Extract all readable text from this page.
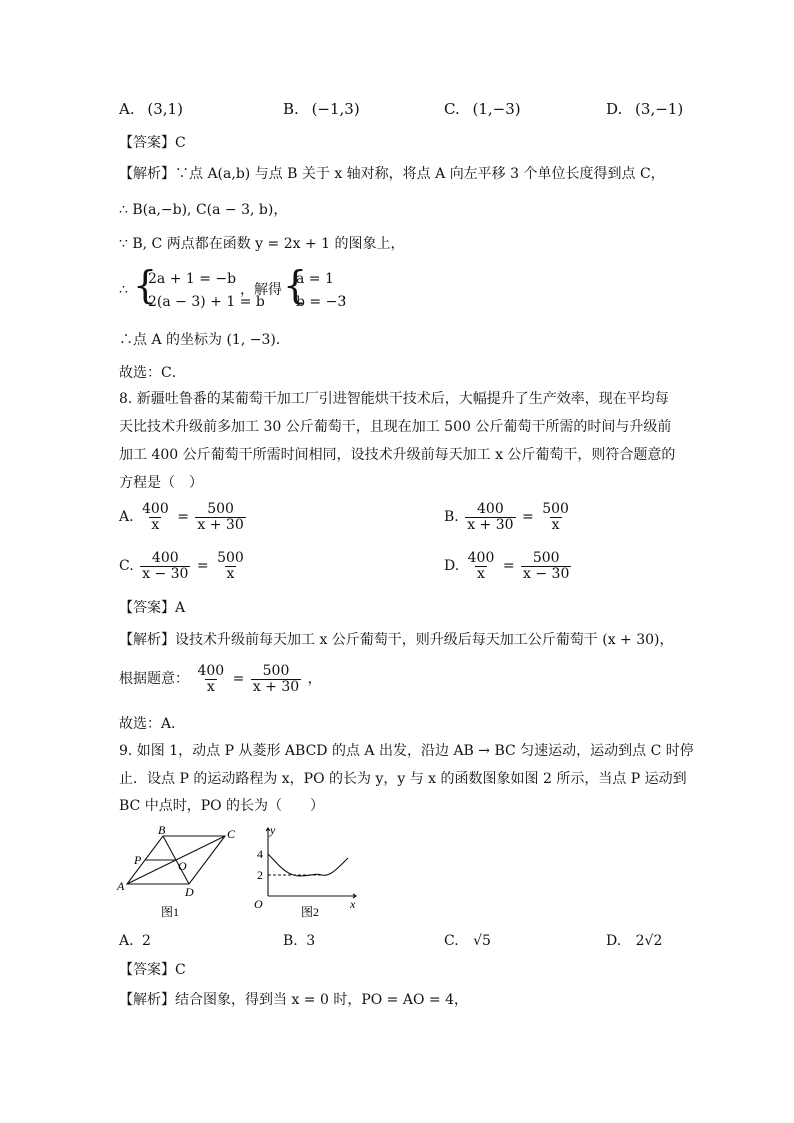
A. (3,1)	B. (−1,3)	C. (1,−3)	D. (3,−1)
【答案】C
【解析】∵点 A(a,b) 与点 B 关于 x 轴对称，将点 A 向左平移 3 个单位长度得到点 C，
∴ B(a,−b), C(a − 3, b)，
∵ B, C 两点都在函数 y = 2x + 1 的图象上，
∴ {
2a + 1 = −b
2(a − 3) + 1 = b
，解得 {
a = 1
b = −3
，
∴点 A 的坐标为 (1, −3)．
故选：C．
8. 新疆吐鲁番的某葡萄干加工厂引进智能烘干技术后，大幅提升了生产效率，现在平均每
天比技术升级前多加工 30 公斤葡萄干，且现在加工 500 公斤葡萄干所需的时间与升级前
加工 400 公斤葡萄干所需时间相同，设技术升级前每天加工 x 公斤葡萄干，则符合题意的
方程是（　）
A. $\frac{400}{x} = \frac{500}{x + 30}$	B. $\frac{400}{x + 30} = \frac{500}{x}$
C. $\frac{400}{x - 30} = \frac{500}{x}$	D. $\frac{400}{x} = \frac{500}{x - 30}$
【答案】A
【解析】设技术升级前每天加工 x 公斤葡萄干，则升级后每天加工公斤葡萄干 (x + 30)，
根据题意： $\frac{400}{x} = \frac{500}{x + 30}$ ，
故选：A．
9. 如图 1，动点 P 从菱形 ABCD 的点 A 出发，沿边 AB → BC 匀速运动，运动到点 C 时停
止．设点 P 的运动路程为 x，PO 的长为 y，y 与 x 的函数图象如图 2 所示，当点 P 运动到
BC 中点时，PO 的长为（　　）
A
B	C
D
P	O
图1
y
x
O
4
2
图2
A. 2	B. 3	C. √5	D. 2√2
【答案】C
【解析】结合图象，得到当 x = 0 时，PO = AO = 4，
